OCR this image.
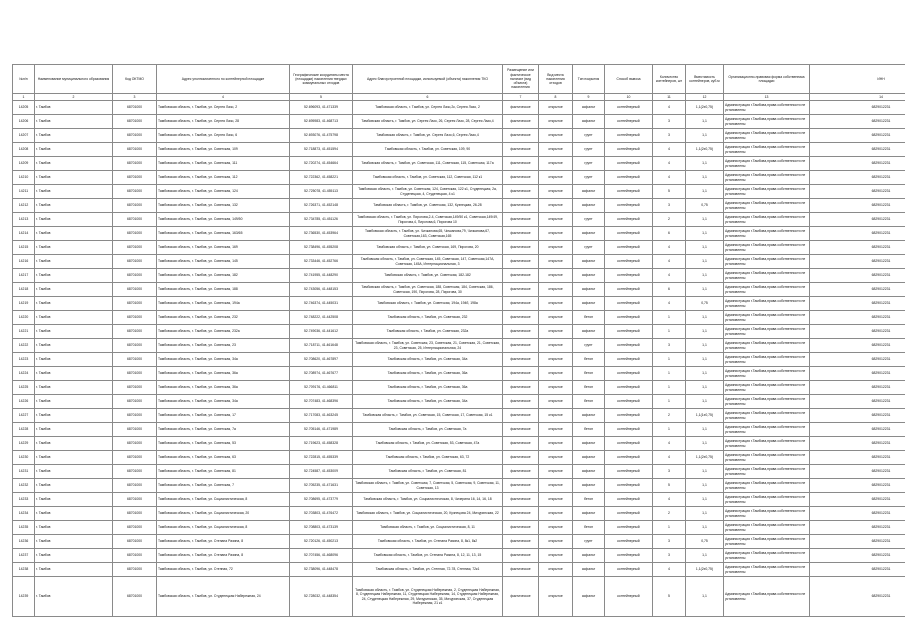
№п/п	Наименование муниципального образования	Код ОКТМО	Адрес уполномоченного по контейнерной площадке	Географические координаты места (площадки) накопления твердых коммунальных отходов	Адрес благоустроенной площадки, используемой (объекта) накопления ТКО	Размещение или фактическое наличие (вид объекта) накопления	Вид места накопления отходов	Тип покрытия	Способ вывоза	Количество контейнеров, шт	Вместимость контейнеров, куб.м	Организационно-правовая форма собственника площадки	ИНН
1	2	3	4	5	6	7	8	9	10	11	12	13	14
14205	г. Тамбов	68701000	Тамбовская область, г. Тамбов, ул. Сергея Лазо, 2	52.696093, 41.471339	Тамбовская область, г. Тамбов, ул. Сергея Лазо,2к, Сергея Лазо, 2	фактическое	открытое	асфальт	контейнерный	4	1,1(2x0,75)	Администрация г.Тамбова,права собственности не установлены	6829012231
14206	г. Тамбов	68701000	Тамбовская область, г. Тамбов, ул. Сергея Лазо, 28	52.695983, 41.468713	Тамбовская область, г. Тамбов, ул. Сергея Лазо, 26, Сергея Лазо, 28, Сергея Лазо,4	фактическое	открытое	асфальт	контейнерный	3	1,1	Администрация г.Тамбова,права собственности не установлены	6829012231
14207	г. Тамбов	68701000	Тамбовская область, г. Тамбов, ул. Сергея Лазо, 6	52.693076, 41.475798	Тамбовская область, г. Тамбов, ул. Сергея Лазо,6, Сергея Лазо,4	фактическое	открытое	грунт	контейнерный	3	1,1	Администрация г.Тамбова,права собственности не установлены	6829012231
14208	г. Тамбов	68701000	Тамбовская область, г. Тамбов, ул. Советская, 109	52.718873, 41.451594	Тамбовская область, г. Тамбов, ул. Советская, 109, 90	фактическое	открытое	грунт	контейнерный	4	1,1(2x0,75)	Администрация г.Тамбова,права собственности не установлены	6829012231
14209	г. Тамбов	68701000	Тамбовская область, г. Тамбов, ул. Советская, 111	52.720274, 41.454664	Тамбовская область, г. Тамбов, ул. Советская, 111, Советская, 115, Советская, 117а	фактическое	открытое	грунт	контейнерный	4	1,1	Администрация г.Тамбова,права собственности не установлены	6829012231
14210	г. Тамбов	68701000	Тамбовская область, г. Тамбов, ул. Советская, 112	52.722362, 41.458221	Тамбовская область, г. Тамбов, ул. Советская, 112, Советская, 112 к1	фактическое	открытое	грунт	контейнерный	4	1,1	Администрация г.Тамбова,права собственности не установлены	6829012231
14211	г. Тамбов	68701000	Тамбовская область, г. Тамбов, ул. Советская, 124	52.725078, 41.455113	Тамбовская область, г. Тамбов, ул. Советская, 124, Советская, 122 к1, Студенецкая, 2а, Студенецкая, 4, Студенецкая, 4 к1	фактическое	открытое	асфальт	контейнерный	5	1,1	Администрация г.Тамбова,права собственности не установлены	6829012231
14212	г. Тамбов	68701000	Тамбовская область, г. Тамбов, ул. Советская, 132	52.726371, 41.452148	Тамбовская область, г. Тамбов, ул. Советская, 132, Кузнецкая, 26-28	фактическое	открытое	асфальт	контейнерный	3	0,75	Администрация г.Тамбова,права собственности не установлены	6829012231
14213	г. Тамбов	68701000	Тамбовская область, г. Тамбов, ул. Советская, 149/50	52.734785, 41.451126	Тамбовская область, г. Тамбов, ул. Пирогова,2-4, Советская,149/50 к1, Советская,149/49, Пирогова,4, Пирогова,6, Пирогова 10	фактическое	открытое	грунт	контейнерный	2	1,1	Администрация г.Тамбова,права собственности не установлены	6829012231
14214	г. Тамбов	68701000	Тамбовская область, г. Тамбов, ул. Советская, 163/65	52.736530, 41.453964	Тамбовская область, г. Тамбов, ул. Чичканова,65, Чичканова,79, Чичканова,67, Советская,163, Советская,165	фактическое	открытое	асфальт	контейнерный	6	1,1	Администрация г.Тамбова,права собственности не установлены	6829012231
14215	г. Тамбов	68701000	Тамбовская область, г. Тамбов, ул. Советская, 169	52.738496, 41.455208	Тамбовская область, г. Тамбов, ул. Советская, 169, Пирогова, 20	фактическое	открытое	грунт	контейнерный	4	1,1	Администрация г.Тамбова,права собственности не установлены	6829012231
14216	г. Тамбов	68701000	Тамбовская область, г. Тамбов, ул. Советская, 145	52.733446, 41.452766	Тамбовская область, г. Тамбов, ул. Советская, 145, Советская, 147, Советская,147А, Советская, 145А, Интернациональная, 3	фактическое	открытое	асфальт	контейнерный	4	1,1	Администрация г.Тамбова,права собственности не установлены	6829012231
14217	г. Тамбов	68701000	Тамбовская область, г. Тамбов, ул. Советская, 182	52.741955, 41.448290	Тамбовская область, г. Тамбов, ул. Советская, 182-182	фактическое	открытое	асфальт	контейнерный	4	1,1	Администрация г.Тамбова,права собственности не установлены	6829012231
14218	г. Тамбов	68701000	Тамбовская область, г. Тамбов, ул. Советская, 188	52.743056, 41.448153	Тамбовская область, г. Тамбов, ул. Советская, 188, Советская, 184, Советская, 186, Советская, 190, Пирогова, 28, Пирогова, 30	фактическое	открытое	асфальт	контейнерный	6	1,1	Администрация г.Тамбова,права собственности не установлены	6829012231
14219	г. Тамбов	68701000	Тамбовская область, г. Тамбов, ул. Советская, 194а	52.746374, 41.445031	Тамбовская область, г. Тамбов, ул. Советская, 194а, 194б, 198а	фактическое	открытое	асфальт	контейнерный	4	0,75	Администрация г.Тамбова,права собственности не установлены	6829012231
14220	г. Тамбов	68701000	Тамбовская область, г. Тамбов, ул. Советская, 232	52.748222, 41.442508	Тамбовская область, г. Тамбов, ул. Советская, 232	фактическое	открытое	бетон	контейнерный	1	1,1	Администрация г.Тамбова,права собственности не установлены	6829012231
14221	г. Тамбов	68701000	Тамбовская область, г. Тамбов, ул. Советская, 232а	52.749036, 41.441612	Тамбовская область, г. Тамбов, ул. Советская, 232а	фактическое	открытое	асфальт	контейнерный	1	1,1	Администрация г.Тамбова,права собственности не установлены	6829012231
14222	г. Тамбов	68701000	Тамбовская область, г. Тамбов, ул. Советская, 23	52.718711, 41.461648	Тамбовская область, г. Тамбов, ул. Советская, 23, Советская, 21, Советская, 21, Советская, 23, Советская, 25, Интернациональная, 24	фактическое	открытое	грунт	контейнерный	3	1,1	Администрация г.Тамбова,права собственности не установлены	6829012231
14223	г. Тамбов	68701000	Тамбовская область, г. Тамбов, ул. Советская, 34а	52.708620, 41.467897	Тамбовская область, г. Тамбов, ул. Советская, 34а	фактическое	открытое	бетон	контейнерный	1	1,1	Администрация г.Тамбова,права собственности не установлены	6829012231
14224	г. Тамбов	68701000	Тамбовская область, г. Тамбов, ул. Советская, 36а	52.708974, 41.467677	Тамбовская область, г. Тамбов, ул. Советская, 36а	фактическое	открытое	бетон	контейнерный	1	1,1	Администрация г.Тамбова,права собственности не установлены	6829012231
14225	г. Тамбов	68701000	Тамбовская область, г. Тамбов, ул. Советская, 36а	52.709176, 41.466811	Тамбовская область, г. Тамбов, ул. Советская, 36а	фактическое	открытое	бетон	контейнерный	1	1,1	Администрация г.Тамбова,права собственности не установлены	6829012231
14226	г. Тамбов	68701000	Тамбовская область, г. Тамбов, ул. Советская, 34а	52.707483, 41.468396	Тамбовская область, г. Тамбов, ул. Советская, 34а	фактическое	открытое	бетон	контейнерный	1	1,1	Администрация г.Тамбова,права собственности не установлены	6829012231
14227	г. Тамбов	68701000	Тамбовская область, г. Тамбов, ул. Советская, 17	52.717083, 41.463245	Тамбовская область, г. Тамбов, ул. Советская, 15, Советская, 17, Советская, 15 к1	фактическое	открытое	асфальт	контейнерный	2	1,1(1x0,75)	Администрация г.Тамбова,права собственности не установлены	6829012231
14228	г. Тамбов	68701000	Тамбовская область, г. Тамбов, ул. Советская, 7а	52.705146, 41.471989	Тамбовская область, г. Тамбов, ул. Советская, 7а	фактическое	открытое	бетон	контейнерный	1	1,1	Администрация г.Тамбова,права собственности не установлены	6829012231
14229	г. Тамбов	68701000	Тамбовская область, г. Тамбов, ул. Советская, 53	52.719623, 41.458328	Тамбовская область, г. Тамбов, ул. Советская, 53, Советская, 47а	фактическое	открытое	асфальт	контейнерный	4	1,1	Администрация г.Тамбова,права собственности не установлены	6829012231
14230	г. Тамбов	68701000	Тамбовская область, г. Тамбов, ул. Советская, 63	52.722815, 41.455339	Тамбовская область, г. Тамбов, ул. Советская, 63, 72	фактическое	открытое	асфальт	контейнерный	4	1,1(2x0,75)	Администрация г.Тамбова,права собственности не установлены	6829012231
14231	г. Тамбов	68701000	Тамбовская область, г. Тамбов, ул. Советская, 81	52.724587, 41.453009	Тамбовская область, г. Тамбов, ул. Советская, 81	фактическое	открытое	асфальт	контейнерный	3	1,1	Администрация г.Тамбова,права собственности не установлены	6829012231
14232	г. Тамбов	68701000	Тамбовская область, г. Тамбов, ул. Советская, 7	52.705235, 41.471631	Тамбовская область, г. Тамбов, ул. Советская, 7, Советская, 5, Советская, 9, Советская, 11, Советская, 13	фактическое	открытое	асфальт	контейнерный	5	1,1	Администрация г.Тамбова,права собственности не установлены	6829012231
14233	г. Тамбов	68701000	Тамбовская область, г. Тамбов, ул. Социалистическая, 8	52.708695, 41.473779	Тамбовская область, г. Тамбов, ул. Социалистическая, 8, Чичерина 16, 14, 16, 18	фактическое	открытое	бетон	контейнерный	4	1,1	Администрация г.Тамбова,права собственности не установлены	6829012231
14234	г. Тамбов	68701000	Тамбовская область, г. Тамбов, ул. Социалистическая, 20	52.703803, 41.476472	Тамбовская область, г. Тамбов, ул. Социалистическая, 20, Кузнецова 24, Мичуринская, 22	фактическое	открытое	асфальт	контейнерный	2	1,1	Администрация г.Тамбова,права собственности не установлены	6829012231
14235	г. Тамбов	68701000	Тамбовская область, г. Тамбов, ул. Социалистическая, 8	52.708803, 41.473139	Тамбовская область, г. Тамбов, ул. Социалистическая, 8, 11	фактическое	открытое	бетон	контейнерный	1	1,1	Администрация г.Тамбова,права собственности не установлены	6829012231
14236	г. Тамбов	68701000	Тамбовская область, г. Тамбов, ул. Степана Разина, 8	52.720126, 41.450213	Тамбовская область, г. Тамбов, ул. Степана Разина, 8, 8к1, 8к2	фактическое	открытое	грунт	контейнерный	3	0,75	Администрация г.Тамбова,права собственности не установлены	6829012231
14237	г. Тамбов	68701000	Тамбовская область, г. Тамбов, ул. Степана Разина, 8	52.707456, 41.468096	Тамбовская область, г. Тамбов, ул. Степана Разина, 8, 12, 11, 13, 15	фактическое	открытое	асфальт	контейнерный	3	1,1	Администрация г.Тамбова,права собственности не установлены	6829012231
14238	г. Тамбов	68701000	Тамбовская область, г. Тамбов, ул. Степная, 72	52.738096, 41.448478	Тамбовская область, г. Тамбов, ул. Степная, 72-78, Степная, 72к1	фактическое	открытое	асфальт	контейнерный	4	1,1(2x0,75)	Администрация г.Тамбова,права собственности не установлены	6829012231
14239	г. Тамбов	68701000	Тамбовская область, г. Тамбов, ул. Студенецкая Набережная, 24	52.728032, 41.448354	Тамбовская область, г. Тамбов, ул. Студенецкая Набережная, 2, Студенецкая Набережная, 8, Студенецкая Набережная, 11, Студенецкая Набережная, 14, Студенецкая Набережная, 24, Студенецкая Набережная, 29, Мичуринская, 35, Мичуринская, 37, Студенецкая Набережная, 21 к1	фактическое	открытое	асфальт	контейнерный	5	1,1	Администрация г.Тамбова,права собственности не установлены	6829012231
